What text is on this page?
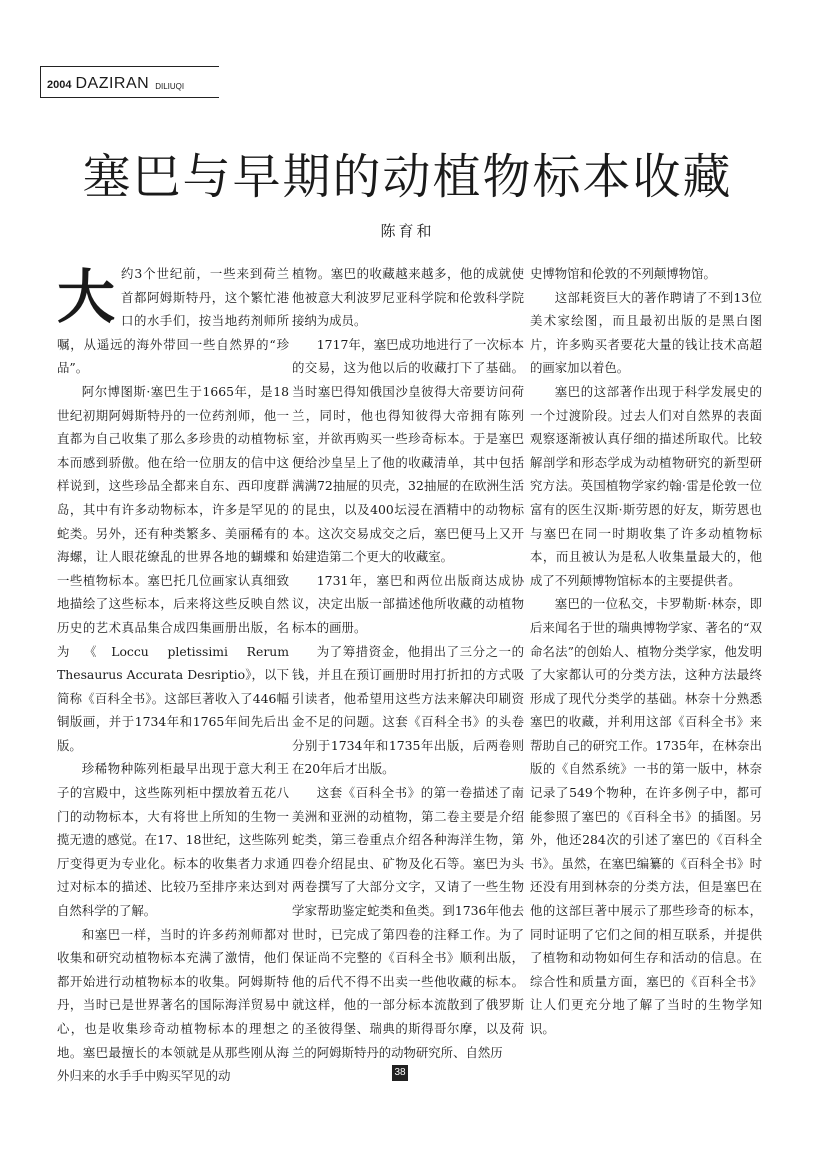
2004 DAZIRAN DILIUQI
塞巴与早期的动植物标本收藏
陈育和

大约3个世纪前，一些来到荷兰首都阿姆斯特丹，这个繁忙港口的水手们，按当地药剂师所嘱，从遥远的海外带回一些自然界的“珍品”。

阿尔博图斯·塞巴生于1665年，是18世纪初期阿姆斯特丹的一位药剂师，他一直都为自己收集了那么多珍贵的动植物标本而感到骄傲。他在给一位朋友的信中这样说到，这些珍品全都来自东、西印度群岛，其中有许多动物标本，许多是罕见的蛇类。另外，还有种类繁多、美丽稀有的海螺，让人眼花缭乱的世界各地的蝴蝶和一些植物标本。塞巴托几位画家认真细致地描绘了这些标本，后来将这些反映自然历史的艺术真品集合成四集画册出版，名为《Loccu pletissimi Rerum Thesaurus Accurata Desriptio》，以下简称《百科全书》。这部巨著收入了446幅铜版画，并于1734年和1765年间先后出版。

珍稀物种陈列柜最早出现于意大利王子的宫殿中，这些陈列柜中摆放着五花八门的动物标本，大有将世上所知的生物一揽无遗的感觉。在17、18世纪，这些陈列厅变得更为专业化。标本的收集者力求通过对标本的描述、比较乃至排序来达到对自然科学的了解。

和塞巴一样，当时的许多药剂师都对收集和研究动植物标本充满了激情，他们都开始进行动植物标本的收集。阿姆斯特丹，当时已是世界著名的国际海洋贸易中心，也是收集珍奇动植物标本的理想之地。塞巴最擅长的本领就是从那些刚从海外归来的水手手中购买罕见的动

植物。塞巴的收藏越来越多，他的成就使他被意大利波罗尼亚科学院和伦敦科学院接纳为成员。

1717年，塞巴成功地进行了一次标本的交易，这为他以后的收藏打下了基础。当时塞巴得知俄国沙皇彼得大帝要访问荷兰，同时，他也得知彼得大帝拥有陈列室，并欲再购买一些珍奇标本。于是塞巴便给沙皇呈上了他的收藏清单，其中包括满满72抽屉的贝壳，32抽屉的在欧洲生活的昆虫，以及400坛浸在酒精中的动物标本。这次交易成交之后，塞巴便马上又开始建造第二个更大的收藏室。

1731年，塞巴和两位出版商达成协议，决定出版一部描述他所收藏的动植物标本的画册。

为了筹措资金，他捐出了三分之一的钱，并且在预订画册时用打折扣的方式吸引读者，他希望用这些方法来解决印刷资金不足的问题。这套《百科全书》的头卷分别于1734年和1735年出版，后两卷则在20年后才出版。

这套《百科全书》的第一卷描述了南美洲和亚洲的动植物，第二卷主要是介绍蛇类，第三卷重点介绍各种海洋生物，第四卷介绍昆虫、矿物及化石等。塞巴为头两卷撰写了大部分文字，又请了一些生物学家帮助鉴定蛇类和鱼类。到1736年他去世时，已完成了第四卷的注释工作。为了保证尚不完整的《百科全书》顺利出版，他的后代不得不出卖一些他收藏的标本。就这样，他的一部分标本流散到了俄罗斯的圣彼得堡、瑞典的斯得哥尔摩，以及荷兰的阿姆斯特丹的动物研究所、自然历

史博物馆和伦敦的不列颠博物馆。

这部耗资巨大的著作聘请了不到13位美术家绘图，而且最初出版的是黑白图片，许多购买者要花大量的钱让技术高超的画家加以着色。

塞巴的这部著作出现于科学发展史的一个过渡阶段。过去人们对自然界的表面观察逐渐被认真仔细的描述所取代。比较解剖学和形态学成为动植物研究的新型研究方法。英国植物学家约翰·雷是伦敦一位富有的医生汉斯·斯劳恩的好友，斯劳恩也与塞巴在同一时期收集了许多动植物标本，而且被认为是私人收集量最大的，他成了不列颠博物馆标本的主要提供者。

塞巴的一位私交，卡罗勒斯·林奈，即后来闻名于世的瑞典博物学家、著名的“双命名法”的创始人、植物分类学家，他发明了大家都认可的分类方法，这种方法最终形成了现代分类学的基础。林奈十分熟悉塞巴的收藏，并利用这部《百科全书》来帮助自己的研究工作。1735年，在林奈出版的《自然系统》一书的第一版中，林奈记录了549个物种，在许多例子中，都可能参照了塞巴的《百科全书》的插图。另外，他还284次的引述了塞巴的《百科全书》。虽然，在塞巴编纂的《百科全书》时还没有用到林奈的分类方法，但是塞巴在他的这部巨著中展示了那些珍奇的标本，同时证明了它们之间的相互联系，并提供了植物和动物如何生存和活动的信息。在综合性和质量方面，塞巴的《百科全书》让人们更充分地了解了当时的生物学知识。

38
